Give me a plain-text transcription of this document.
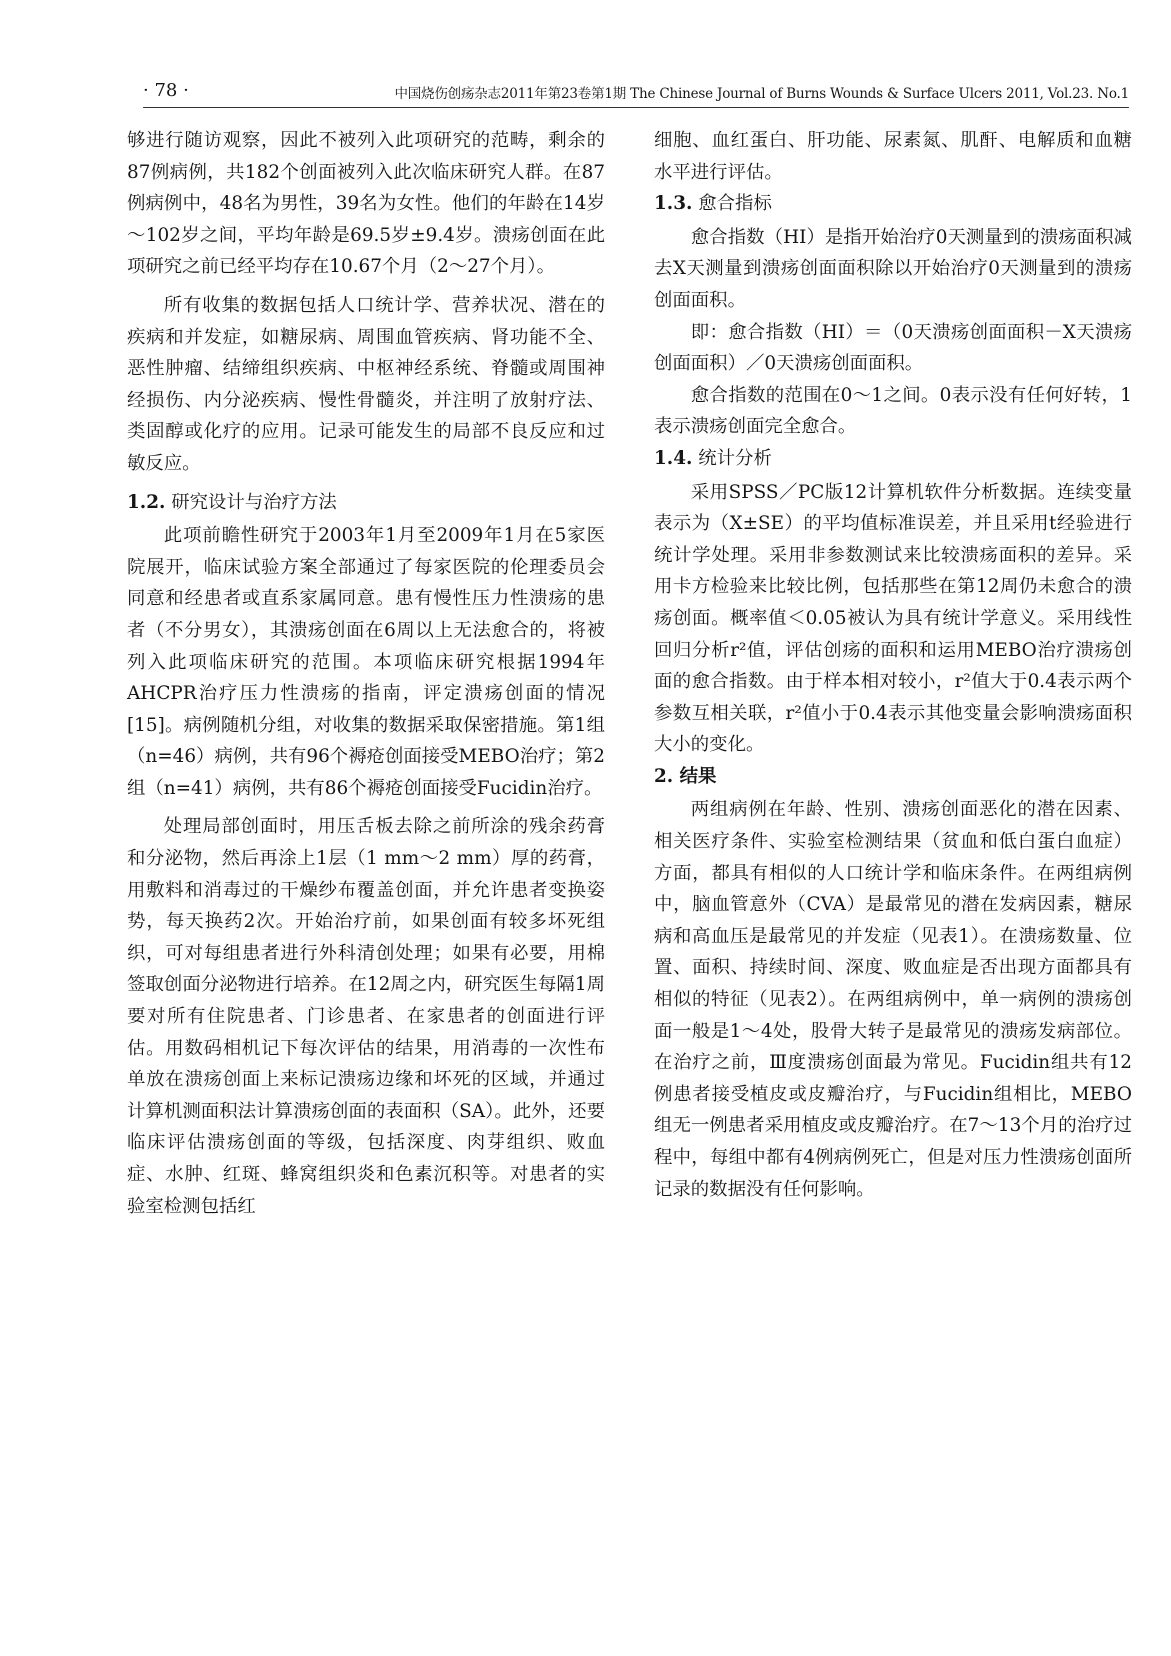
· 78 ·	中国烧伤创疡杂志2011年第23卷第1期 The Chinese Journal of Burns Wounds & Surface Ulcers 2011, Vol.23. No.1

够进行随访观察，因此不被列入此项研究的范畴，剩余的87例病例，共182个创面被列入此次临床研究人群。在87例病例中，48名为男性，39名为女性。他们的年龄在14岁～102岁之间，平均年龄是69.5岁±9.4岁。溃疡创面在此项研究之前已经平均存在10.67个月（2～27个月）。

所有收集的数据包括人口统计学、营养状况、潜在的疾病和并发症，如糖尿病、周围血管疾病、肾功能不全、恶性肿瘤、结缔组织疾病、中枢神经系统、脊髓或周围神经损伤、内分泌疾病、慢性骨髓炎，并注明了放射疗法、类固醇或化疗的应用。记录可能发生的局部不良反应和过敏反应。

1.2. 研究设计与治疗方法

此项前瞻性研究于2003年1月至2009年1月在5家医院展开，临床试验方案全部通过了每家医院的伦理委员会同意和经患者或直系家属同意。患有慢性压力性溃疡的患者（不分男女），其溃疡创面在6周以上无法愈合的，将被列入此项临床研究的范围。本项临床研究根据1994年AHCPR治疗压力性溃疡的指南，评定溃疡创面的情况[15]。病例随机分组，对收集的数据采取保密措施。第1组（n=46）病例，共有96个褥疮创面接受MEBO治疗；第2组（n=41）病例，共有86个褥疮创面接受Fucidin治疗。

处理局部创面时，用压舌板去除之前所涂的残余药膏和分泌物，然后再涂上1层（1 mm～2 mm）厚的药膏，用敷料和消毒过的干燥纱布覆盖创面，并允许患者变换姿势，每天换药2次。开始治疗前，如果创面有较多坏死组织，可对每组患者进行外科清创处理；如果有必要，用棉签取创面分泌物进行培养。在12周之内，研究医生每隔1周要对所有住院患者、门诊患者、在家患者的创面进行评估。用数码相机记下每次评估的结果，用消毒的一次性布单放在溃疡创面上来标记溃疡边缘和坏死的区域，并通过计算机测面积法计算溃疡创面的表面积（SA）。此外，还要临床评估溃疡创面的等级，包括深度、肉芽组织、败血症、水肿、红斑、蜂窝组织炎和色素沉积等。对患者的实验室检测包括红

细胞、血红蛋白、肝功能、尿素氮、肌酐、电解质和血糖水平进行评估。

1.3. 愈合指标

愈合指数（HI）是指开始治疗0天测量到的溃疡面积减去X天测量到溃疡创面面积除以开始治疗0天测量到的溃疡创面面积。

即：愈合指数（HI）＝（0天溃疡创面面积－X天溃疡创面面积）／0天溃疡创面面积。

愈合指数的范围在0～1之间。0表示没有任何好转，1表示溃疡创面完全愈合。

1.4. 统计分析

采用SPSS／PC版12计算机软件分析数据。连续变量表示为（X±SE）的平均值标准误差，并且采用t经验进行统计学处理。采用非参数测试来比较溃疡面积的差异。采用卡方检验来比较比例，包括那些在第12周仍未愈合的溃疡创面。概率值＜0.05被认为具有统计学意义。采用线性回归分析r²值，评估创疡的面积和运用MEBO治疗溃疡创面的愈合指数。由于样本相对较小，r²值大于0.4表示两个参数互相关联，r²值小于0.4表示其他变量会影响溃疡面积大小的变化。

2. 结果

两组病例在年龄、性别、溃疡创面恶化的潜在因素、相关医疗条件、实验室检测结果（贫血和低白蛋白血症）方面，都具有相似的人口统计学和临床条件。在两组病例中，脑血管意外（CVA）是最常见的潜在发病因素，糖尿病和高血压是最常见的并发症（见表1）。在溃疡数量、位置、面积、持续时间、深度、败血症是否出现方面都具有相似的特征（见表2）。在两组病例中，单一病例的溃疡创面一般是1～4处，股骨大转子是最常见的溃疡发病部位。在治疗之前，Ⅲ度溃疡创面最为常见。Fucidin组共有12例患者接受植皮或皮瓣治疗，与Fucidin组相比，MEBO组无一例患者采用植皮或皮瓣治疗。在7～13个月的治疗过程中，每组中都有4例病例死亡，但是对压力性溃疡创面所记录的数据没有任何影响。
